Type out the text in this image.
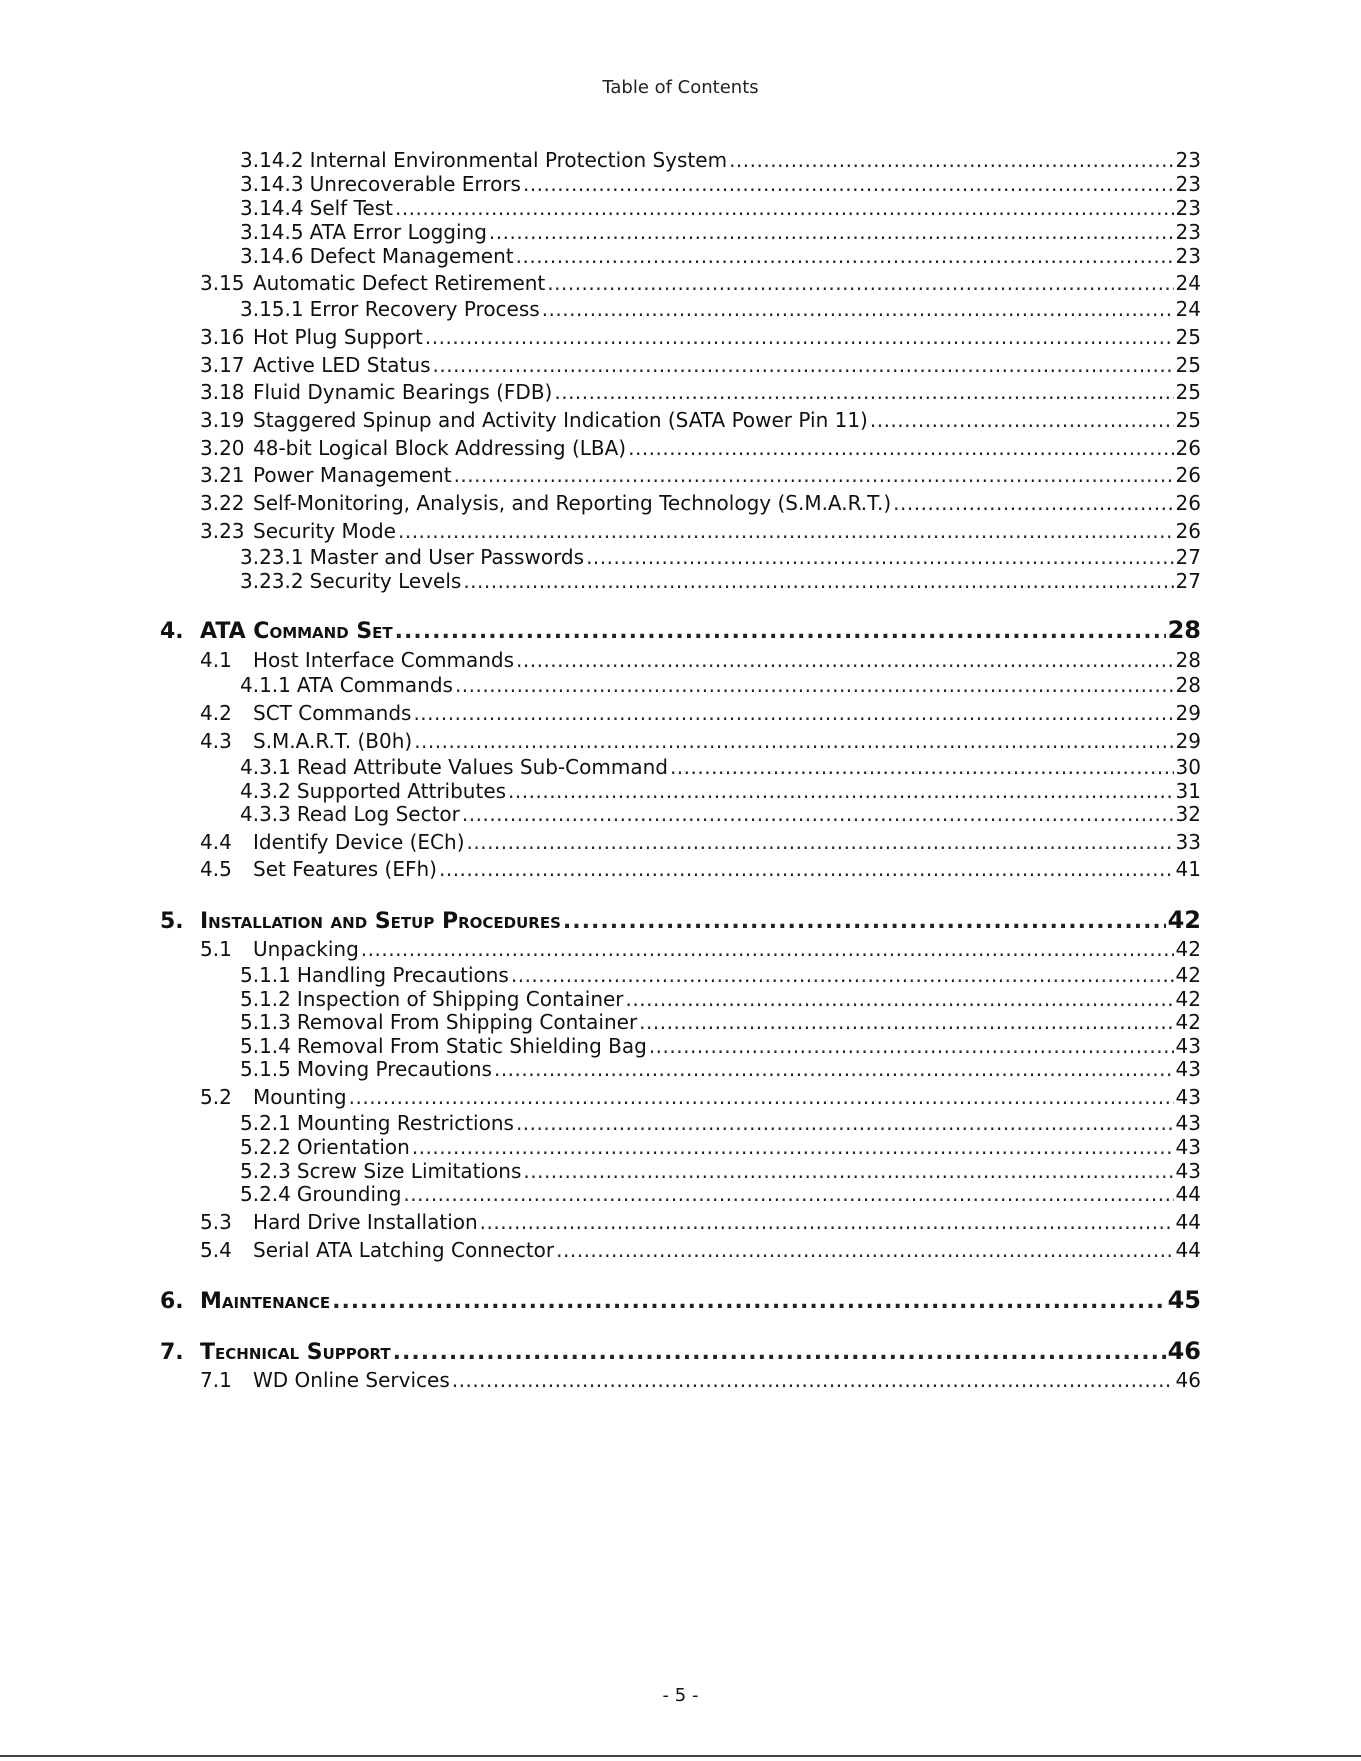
Table of Contents
3.14.2 Internal Environmental Protection System .....	23
3.14.3 Unrecoverable Errors .....	23
3.14.4 Self Test .....	23
3.14.5 ATA Error Logging .....	23
3.14.6 Defect Management .....	23
3.15 Automatic Defect Retirement .....	24
3.15.1 Error Recovery Process .....	24
3.16 Hot Plug Support .....	25
3.17 Active LED Status .....	25
3.18 Fluid Dynamic Bearings (FDB) .....	25
3.19 Staggered Spinup and Activity Indication (SATA Power Pin 11) .....	25
3.20 48-bit Logical Block Addressing (LBA) .....	26
3.21 Power Management .....	26
3.22 Self-Monitoring, Analysis, and Reporting Technology (S.M.A.R.T.) .....	26
3.23 Security Mode .....	26
3.23.1 Master and User Passwords .....	27
3.23.2 Security Levels .....	27
4. ATA Command Set .....	28
4.1	Host Interface Commands .....	28
4.1.1 ATA Commands .....	28
4.2	SCT Commands .....	29
4.3	S.M.A.R.T. (B0h) .....	29
4.3.1 Read Attribute Values Sub-Command .....	30
4.3.2 Supported Attributes .....	31
4.3.3 Read Log Sector .....	32
4.4	Identify Device (ECh) .....	33
4.5	Set Features (EFh) .....	41
5. Installation and Setup Procedures .....	42
5.1	Unpacking .....	42
5.1.1 Handling Precautions .....	42
5.1.2 Inspection of Shipping Container .....	42
5.1.3 Removal From Shipping Container .....	42
5.1.4 Removal From Static Shielding Bag .....	43
5.1.5 Moving Precautions .....	43
5.2	Mounting .....	43
5.2.1 Mounting Restrictions .....	43
5.2.2 Orientation .....	43
5.2.3 Screw Size Limitations .....	43
5.2.4 Grounding .....	44
5.3	Hard Drive Installation .....	44
5.4	Serial ATA Latching Connector .....	44
6. Maintenance .....	45
7. Technical Support .....	46
7.1	WD Online Services .....	46
- 5 -
